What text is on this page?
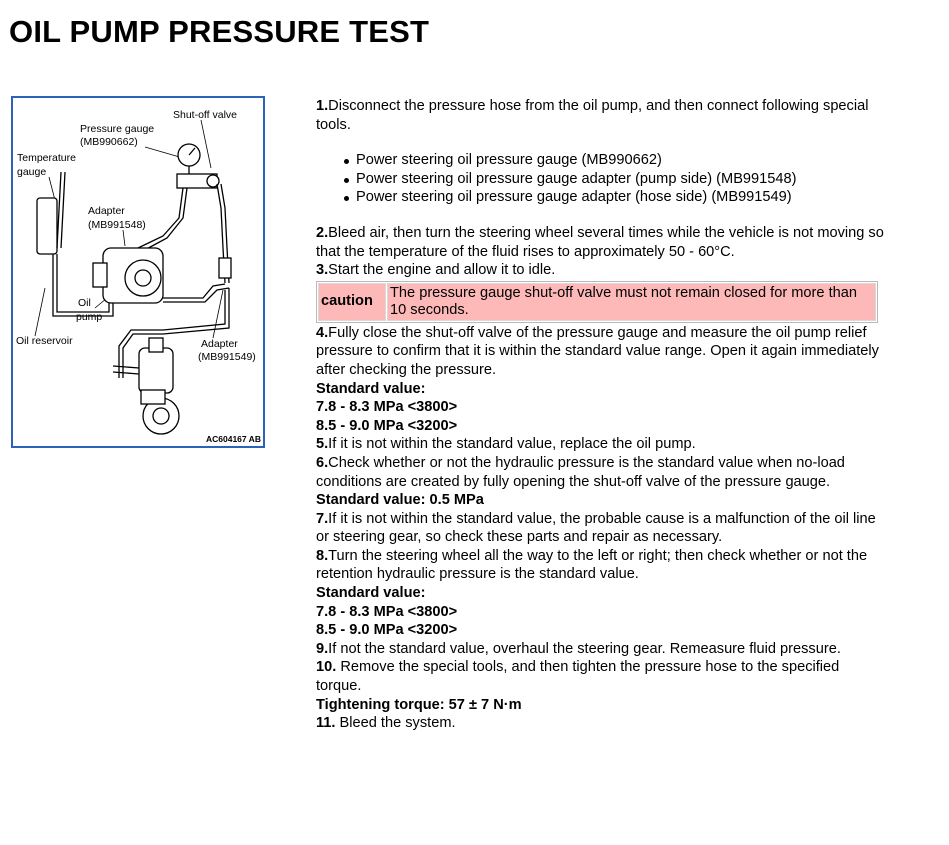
OIL PUMP PRESSURE TEST
Shut-off valve
Pressure gauge
(MB990662)
Temperature
gauge
Adapter
(MB991548)
Oil
pump
Oil reservoir	Adapter
(MB991549)
AC604167 AB

1.Disconnect the pressure hose from the oil pump, and then connect following special tools.

Power steering oil pressure gauge (MB990662)
Power steering oil pressure gauge adapter (pump side) (MB991548)
Power steering oil pressure gauge adapter (hose side) (MB991549)

2.Bleed air, then turn the steering wheel several times while the vehicle is not moving so that the temperature of the fluid rises to approximately 50 - 60°C.

3.Start the engine and allow it to idle.

caution	The pressure gauge shut-off valve must not remain closed for more than 10 seconds.

4.Fully close the shut-off valve of the pressure gauge and measure the oil pump relief pressure to confirm that it is within the standard value range. Open it again immediately after checking the pressure.

Standard value:

7.8 - 8.3 MPa <3800>

8.5 - 9.0 MPa <3200>

5.If it is not within the standard value, replace the oil pump.

6.Check whether or not the hydraulic pressure is the standard value when no-load conditions are created by fully opening the shut-off valve of the pressure gauge.

Standard value: 0.5 MPa

7.If it is not within the standard value, the probable cause is a malfunction of the oil line or steering gear, so check these parts and repair as necessary.

8.Turn the steering wheel all the way to the left or right; then check whether or not the retention hydraulic pressure is the standard value.

Standard value:

7.8 - 8.3 MPa <3800>

8.5 - 9.0 MPa <3200>

9.If not the standard value, overhaul the steering gear. Remeasure fluid pressure.

10. Remove the special tools, and then tighten the pressure hose to the specified torque.

Tightening torque: 57 ± 7 N·m

11. Bleed the system.
